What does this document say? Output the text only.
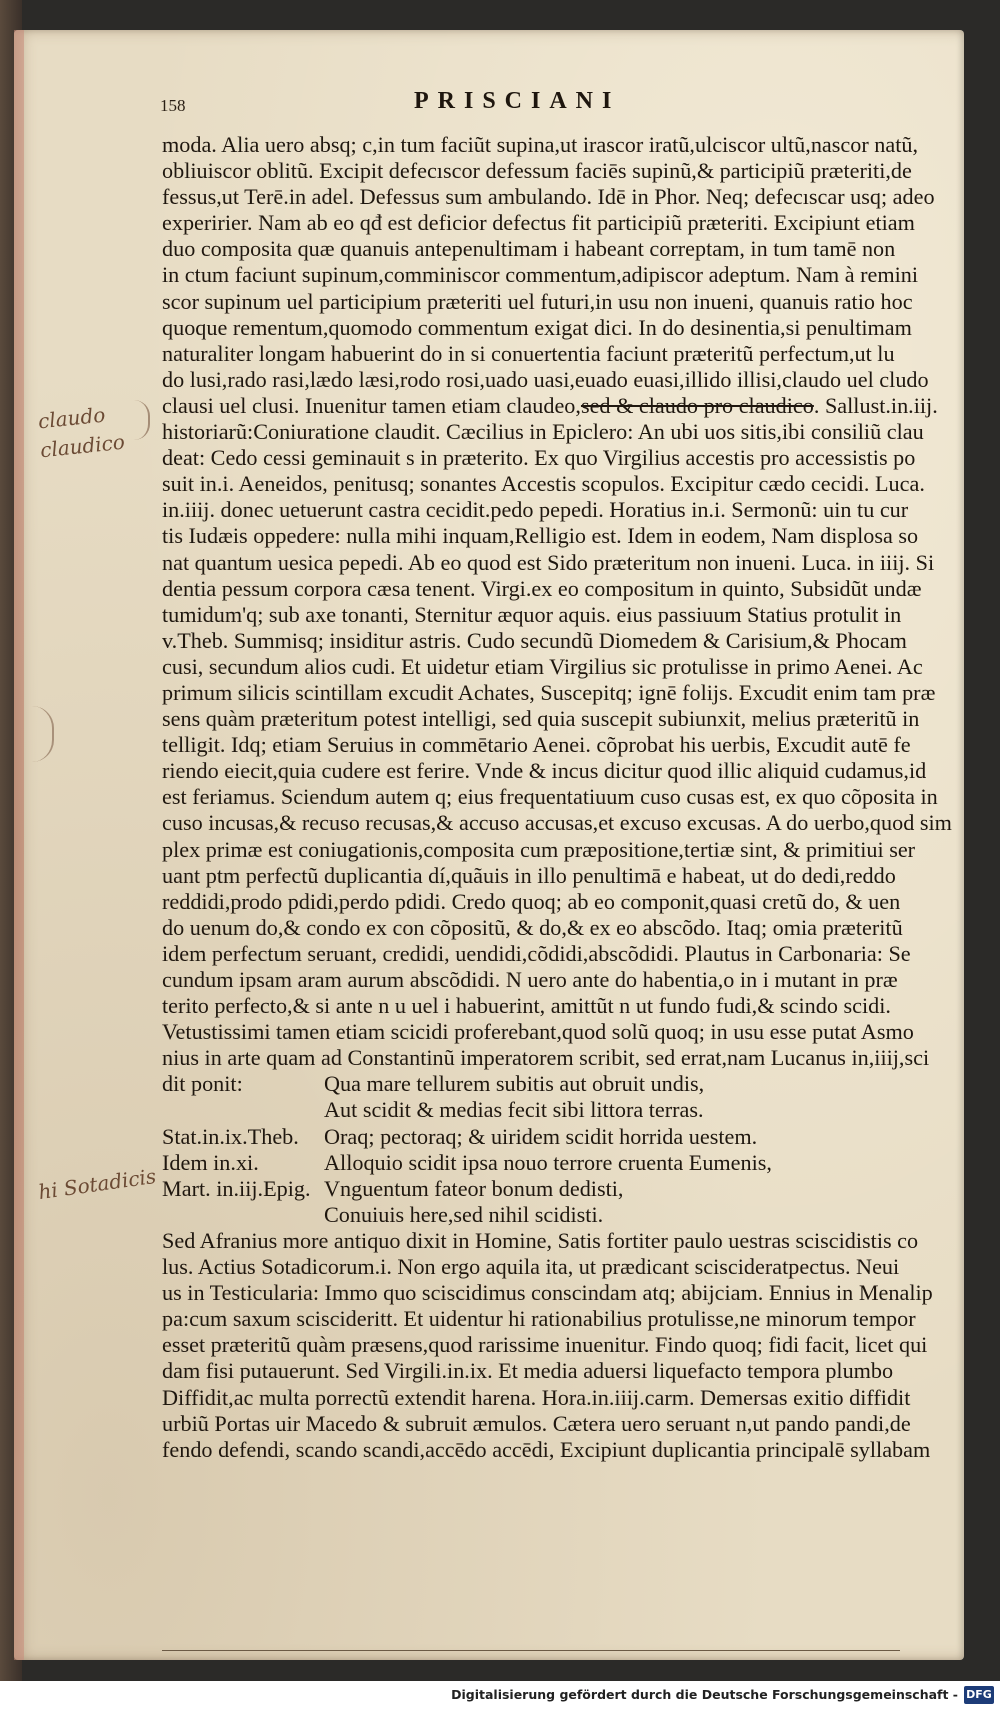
158	PRISCIANI
moda. Alia uero absq; c,in tum faciũt supina,ut irascor iratũ,ulciscor ultũ,nascor natũ,
obliuiscor oblitũ. Excipit defecıscor defessum faciēs supinũ,& participiũ præteriti,de
fessus,ut Terē.in adel. Defessus sum ambulando. Idē in Phor. Neq; defecıscar usq; adeo
experirier. Nam ab eo qđ est deficior defectus fit participiũ præteriti. Excipiunt etiam
duo composita quæ quanuis antepenultimam i habeant correptam, in tum tamē non
in ctum faciunt supinum,comminiscor commentum,adipiscor adeptum. Nam à remini
scor supinum uel participium præteriti uel futuri,in usu non inueni, quanuis ratio hoc
quoque rementum,quomodo commentum exigat dici. In do desinentia,si penultimam
naturaliter longam habuerint do in si conuertentia faciunt præteritũ perfectum,ut lu
do lusi,rado rasi,lædo læsi,rodo rosi,uado uasi,euado euasi,illido illisi,claudo uel cludo
clausi uel clusi. Inuenitur tamen etiam claudeo,sed & claudo pro claudico. Sallust.in.iij.
historiarũ:Coniuratione claudit. Cæcilius in Epiclero: An ubi uos sitis,ibi consiliũ clau
deat: Cedo cessi geminauit s in præterito. Ex quo Virgilius accestis pro accessistis po
suit in.i. Aeneidos, penitusq; sonantes Accestis scopulos. Excipitur cædo cecidi. Luca.
in.iiij. donec uetuerunt castra cecidit.pedo pepedi. Horatius in.i. Sermonũ: uin tu cur
tis Iudæis oppedere: nulla mihi inquam,Relligio est. Idem in eodem, Nam displosa so
nat quantum uesica pepedi. Ab eo quod est Sido præteritum non inueni. Luca. in iiij. Si
dentia pessum corpora cæsa tenent. Virgi.ex eo compositum in quinto, Subsidũt undæ
tumidum'q; sub axe tonanti, Sternitur æquor aquis. eius passiuum Statius protulit in
v.Theb. Summisq; insiditur astris. Cudo secundũ Diomedem & Carisium,& Phocam
cusi, secundum alios cudi. Et uidetur etiam Virgilius sic protulisse in primo Aenei. Ac
primum silicis scintillam excudit Achates, Suscepitq; ignē folijs. Excudit enim tam præ
sens quàm præteritum potest intelligi, sed quia suscepit subiunxit, melius præteritũ in
telligit. Idq; etiam Seruius in commētario Aenei. cõprobat his uerbis, Excudit autē fe
riendo eiecit,quia cudere est ferire. Vnde & incus dicitur quod illic aliquid cudamus,id
est feriamus. Sciendum autem q; eius frequentatiuum cuso cusas est, ex quo cõposita in
cuso incusas,& recuso recusas,& accuso accusas,et excuso excusas. A do uerbo,quod sim
plex primæ est coniugationis,composita cum præpositione,tertiæ sint, & primitiui ser
uant ptm perfectũ duplicantia dí,quãuis in illo penultimā e habeat, ut do dedi,reddo
reddidi,prodo pdidi,perdo pdidi. Credo quoq; ab eo componit,quasi cretũ do, & uen
do uenum do,& condo ex con cõpositũ, & do,& ex eo abscõdo. Itaq; omia præteritũ
idem perfectum seruant, credidi, uendidi,cõdidi,abscõdidi. Plautus in Carbonaria: Se
cundum ipsam aram aurum abscõdidi. N uero ante do habentia,o in i mutant in præ
terito perfecto,& si ante n u uel i habuerint, amittũt n ut fundo fudi,& scindo scidi.
Vetustissimi tamen etiam scicidi proferebant,quod solũ quoq; in usu esse putat Asmo
nius in arte quam ad Constantinũ imperatorem scribit, sed errat,nam Lucanus in,iiij,sci
dit ponit:	Qua mare tellurem subitis aut obruit undis,
Aut scidit & medias fecit sibi littora terras.
Stat.in.ix.Theb.	Oraq; pectoraq; & uiridem scidit horrida uestem.
Idem in.xi.	Alloquio scidit ipsa nouo terrore cruenta Eumenis,
Mart. in.iij.Epig. Vnguentum fateor bonum dedisti,
Conuiuis here,sed nihil scidisti.
Sed Afranius more antiquo dixit in Homine, Satis fortiter paulo uestras sciscidistis co
lus. Actius Sotadicorum.i. Non ergo aquila ita, ut prædicant sciscideratpectus. Neui
us in Testicularia: Immo quo sciscidimus conscindam atq; abijciam. Ennius in Menalip
pa:cum saxum sciscideritt. Et uidentur hi rationabilius protulisse,ne minorum tempor
esset præteritũ quàm præsens,quod rarissime inuenitur. Findo quoq; fidi facit, licet qui
dam fisi putauerunt. Sed Virgili.in.ix. Et media aduersi liquefacto tempora plumbo
Diffidit,ac multa porrectũ extendit harena. Hora.in.iiij.carm. Demersas exitio diffidit
urbiũ Portas uir Macedo & subruit æmulos. Cætera uero seruant n,ut pando pandi,de
fendo defendi, scando scandi,accēdo accēdi, Excipiunt duplicantia principalē syllabam
claudo
claudico
hi Sotadicis
Digitalisierung gefördert durch die Deutsche Forschungsgemeinschaft - DFG
